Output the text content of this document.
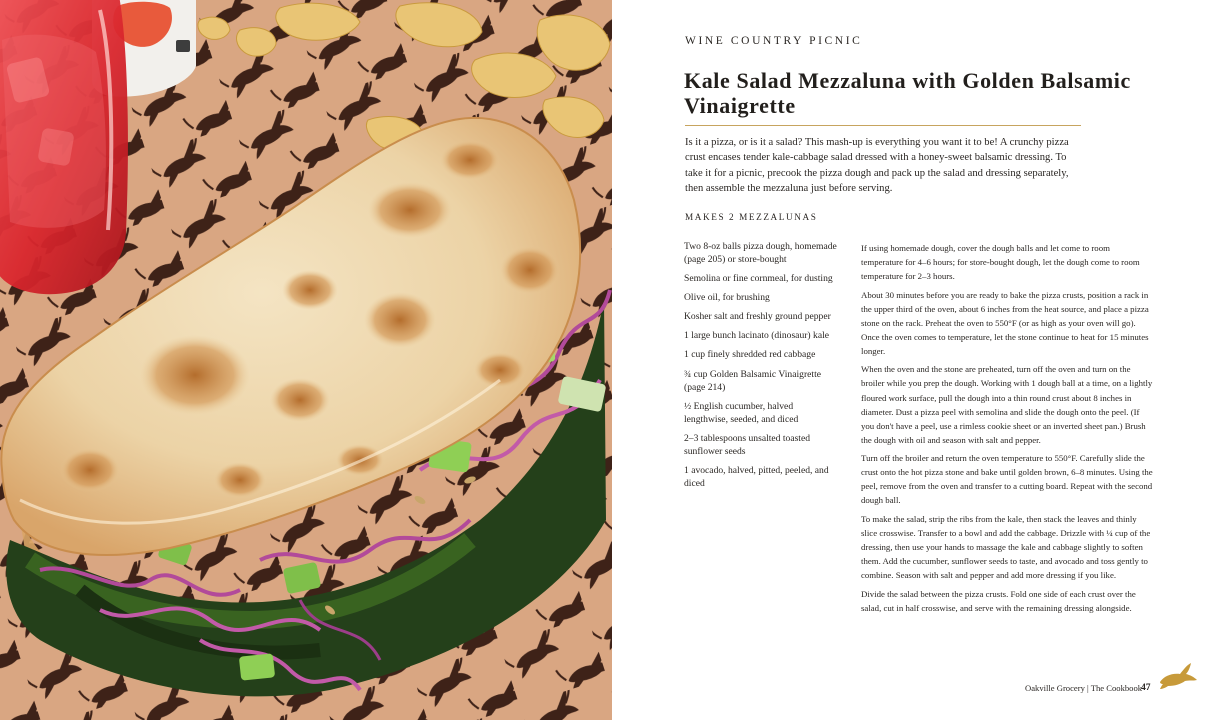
WINE COUNTRY PICNIC
Kale Salad Mezzaluna with Golden Balsamic Vinaigrette

Is it a pizza, or is it a salad? This mash-up is everything you want it to be! A crunchy pizza crust encases tender kale-cabbage salad dressed with a honey-sweet balsamic dressing. To take it for a picnic, precook the pizza dough and pack up the salad and dressing separately, then assemble the mezzaluna just before serving.

MAKES 2 MEZZALUNAS
Two 8-oz balls pizza dough, homemade (page 205) or store-bought
Semolina or fine cornmeal, for dusting
Olive oil, for brushing
Kosher salt and freshly ground pepper
1 large bunch lacinato (dinosaur) kale
1 cup finely shredded red cabbage
¾ cup Golden Balsamic Vinaigrette (page 214)
½ English cucumber, halved lengthwise, seeded, and diced
2–3 tablespoons unsalted toasted sunflower seeds
1 avocado, halved, pitted, peeled, and diced

If using homemade dough, cover the dough balls and let come to room temperature for 4–6 hours; for store-bought dough, let the dough come to room temperature for 2–3 hours.

About 30 minutes before you are ready to bake the pizza crusts, position a rack in the upper third of the oven, about 6 inches from the heat source, and place a pizza stone on the rack. Preheat the oven to 550°F (or as high as your oven will go). Once the oven comes to temperature, let the stone continue to heat for 15 minutes longer.

When the oven and the stone are preheated, turn off the oven and turn on the broiler while you prep the dough. Working with 1 dough ball at a time, on a lightly floured work surface, pull the dough into a thin round crust about 8 inches in diameter. Dust a pizza peel with semolina and slide the dough onto the peel. (If you don't have a peel, use a rimless cookie sheet or an inverted sheet pan.) Brush the dough with oil and season with salt and pepper.

Turn off the broiler and return the oven temperature to 550°F. Carefully slide the crust onto the hot pizza stone and bake until golden brown, 6–8 minutes. Using the peel, remove from the oven and transfer to a cutting board. Repeat with the second dough ball.

To make the salad, strip the ribs from the kale, then stack the leaves and thinly slice crosswise. Transfer to a bowl and add the cabbage. Drizzle with ¼ cup of the dressing, then use your hands to massage the kale and cabbage slightly to soften them. Add the cucumber, sunflower seeds to taste, and avocado and toss gently to combine. Season with salt and pepper and add more dressing if you like.

Divide the salad between the pizza crusts. Fold one side of each crust over the salad, cut in half crosswise, and serve with the remaining dressing alongside.

Oakville Grocery | The Cookbook
47
